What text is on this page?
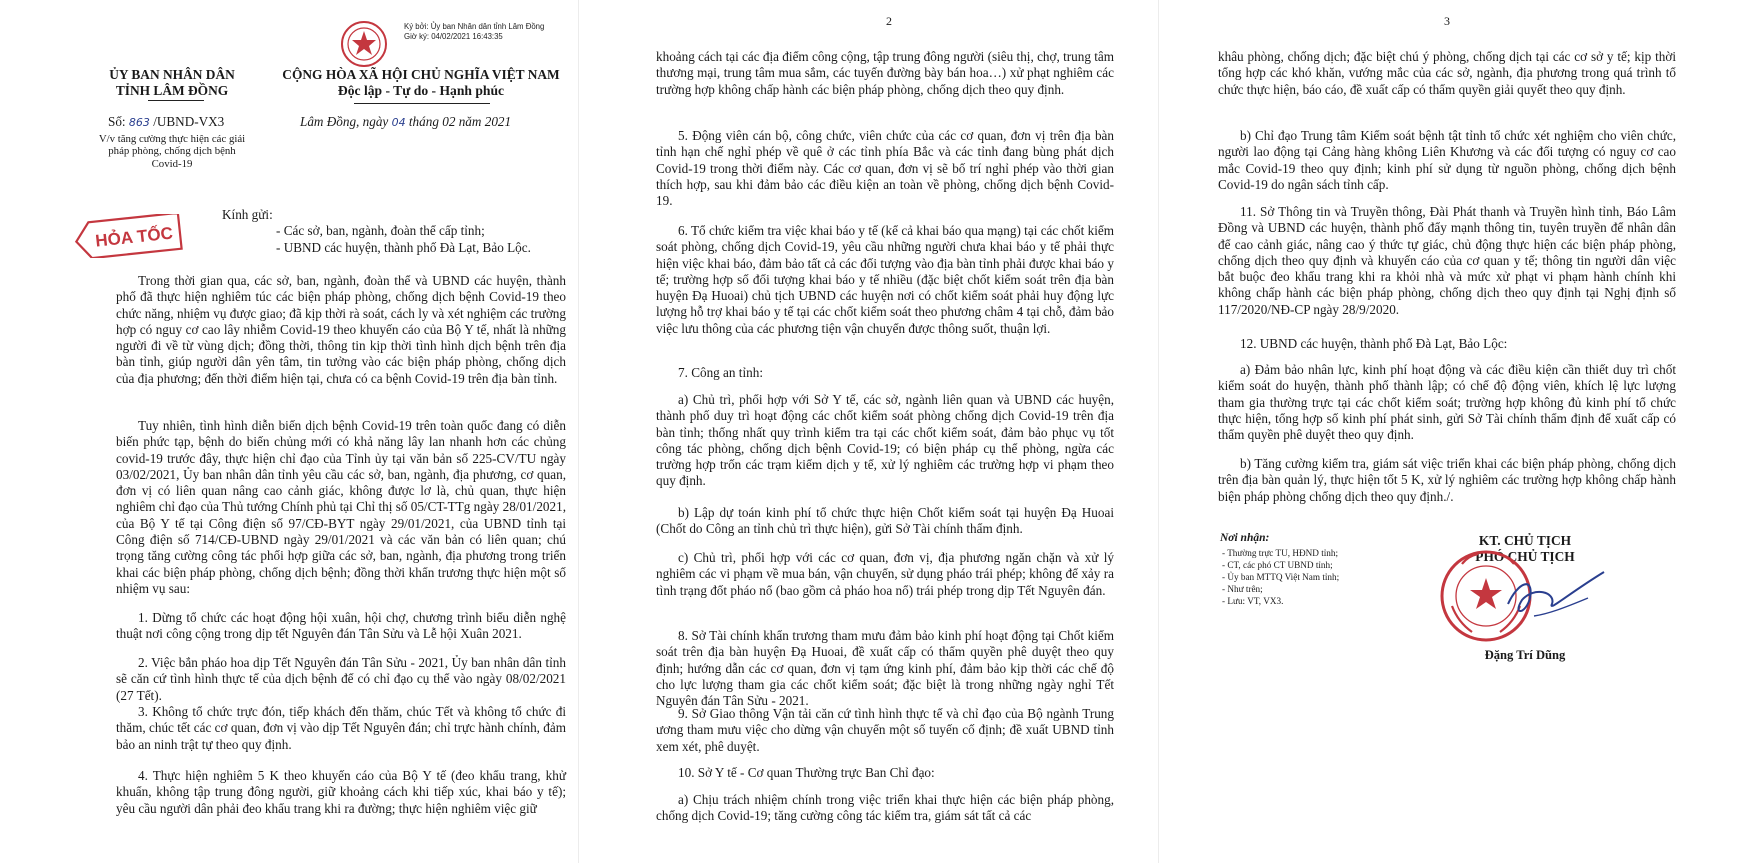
Ký bởi: Ủy ban Nhân dân tỉnh Lâm Đồng
Giờ ký: 04/02/2021 16:43:35
ỦY BAN NHÂN DÂN
TỈNH LÂM ĐỒNG
CỘNG HÒA XÃ HỘI CHỦ NGHĨA VIỆT NAM
Độc lập - Tự do - Hạnh phúc
Số: 863 /UBND-VX3	Lâm Đồng, ngày 04 tháng 02 năm 2021
V/v tăng cường thực hiện các giải pháp phòng, chống dịch bệnh Covid-19
HỎA TỐC
Kính gửi:
- Các sở, ban, ngành, đoàn thể cấp tỉnh;
- UBND các huyện, thành phố Đà Lạt, Bảo Lộc.
Trong thời gian qua, các sở, ban, ngành, đoàn thể và UBND các huyện, thành phố đã thực hiện nghiêm túc các biện pháp phòng, chống dịch bệnh Covid-19 theo chức năng, nhiệm vụ được giao; đã kịp thời rà soát, cách ly và xét nghiệm các trường hợp có nguy cơ cao lây nhiễm Covid-19 theo khuyến cáo của Bộ Y tế, nhất là những người đi về từ vùng dịch; đồng thời, thông tin kịp thời tình hình dịch bệnh trên địa bàn tỉnh, giúp người dân yên tâm, tin tưởng vào các biện pháp phòng, chống dịch của địa phương; đến thời điểm hiện tại, chưa có ca bệnh Covid-19 trên địa bàn tỉnh.
Tuy nhiên, tình hình diễn biến dịch bệnh Covid-19 trên toàn quốc đang có diễn biến phức tạp, bệnh do biến chủng mới có khả năng lây lan nhanh hơn các chủng covid-19 trước đây, thực hiện chỉ đạo của Tỉnh ủy tại văn bản số 225-CV/TU ngày 03/02/2021, Ủy ban nhân dân tỉnh yêu cầu các sở, ban, ngành, địa phương, cơ quan, đơn vị có liên quan nâng cao cảnh giác, không được lơ là, chủ quan, thực hiện nghiêm chỉ đạo của Thủ tướng Chính phủ tại Chỉ thị số 05/CT-TTg ngày 28/01/2021, của Bộ Y tế tại Công điện số 97/CĐ-BYT ngày 29/01/2021, của UBND tỉnh tại Công điện số 714/CĐ-UBND ngày 29/01/2021 và các văn bản có liên quan; chú trọng tăng cường công tác phối hợp giữa các sở, ban, ngành, địa phương trong triển khai các biện pháp phòng, chống dịch bệnh; đồng thời khẩn trương thực hiện một số nhiệm vụ sau:
1. Dừng tổ chức các hoạt động hội xuân, hội chợ, chương trình biểu diễn nghệ thuật nơi công cộng trong dịp tết Nguyên đán Tân Sửu và Lễ hội Xuân 2021.
2. Việc bắn pháo hoa dịp Tết Nguyên đán Tân Sửu - 2021, Ủy ban nhân dân tỉnh sẽ căn cứ tình hình thực tế của dịch bệnh để có chỉ đạo cụ thể vào ngày 08/02/2021 (27 Tết).
3. Không tổ chức trực đón, tiếp khách đến thăm, chúc Tết và không tổ chức đi thăm, chúc tết các cơ quan, đơn vị vào dịp Tết Nguyên đán; chỉ trực hành chính, đảm bảo an ninh trật tự theo quy định.
4. Thực hiện nghiêm 5 K theo khuyến cáo của Bộ Y tế (đeo khẩu trang, khử khuẩn, không tập trung đông người, giữ khoảng cách khi tiếp xúc, khai báo y tế); yêu cầu người dân phải đeo khẩu trang khi ra đường; thực hiện nghiêm việc giữ
2
khoảng cách tại các địa điểm công cộng, tập trung đông người (siêu thị, chợ, trung tâm thương mại, trung tâm mua sắm, các tuyến đường bày bán hoa…) xử phạt nghiêm các trường hợp không chấp hành các biện pháp phòng, chống dịch theo quy định.
5. Động viên cán bộ, công chức, viên chức của các cơ quan, đơn vị trên địa bàn tỉnh hạn chế nghỉ phép về quê ở các tỉnh phía Bắc và các tỉnh đang bùng phát dịch Covid-19 trong thời điểm này. Các cơ quan, đơn vị sẽ bố trí nghỉ phép vào thời gian thích hợp, sau khi đảm bảo các điều kiện an toàn về phòng, chống dịch bệnh Covid-19.
6. Tổ chức kiểm tra việc khai báo y tế (kể cả khai báo qua mạng) tại các chốt kiểm soát phòng, chống dịch Covid-19, yêu cầu những người chưa khai báo y tế phải thực hiện việc khai báo, đảm bảo tất cả các đối tượng vào địa bàn tỉnh phải được khai báo y tế; trường hợp số đối tượng khai báo y tế nhiều (đặc biệt chốt kiểm soát trên địa bàn huyện Đạ Huoai) chủ tịch UBND các huyện nơi có chốt kiểm soát phải huy động lực lượng hỗ trợ khai báo y tế tại các chốt kiểm soát theo phương châm 4 tại chỗ, đảm bảo việc lưu thông của các phương tiện vận chuyển được thông suốt, thuận lợi.
7. Công an tỉnh:
a) Chủ trì, phối hợp với Sở Y tế, các sở, ngành liên quan và UBND các huyện, thành phố duy trì hoạt động các chốt kiểm soát phòng chống dịch Covid-19 trên địa bàn tỉnh; thống nhất quy trình kiểm tra tại các chốt kiểm soát, đảm bảo phục vụ tốt công tác phòng, chống dịch bệnh Covid-19; có biện pháp cụ thể phòng, ngừa các trường hợp trốn các trạm kiểm dịch y tế, xử lý nghiêm các trường hợp vi phạm theo quy định.
b) Lập dự toán kinh phí tổ chức thực hiện Chốt kiểm soát tại huyện Đạ Huoai (Chốt do Công an tỉnh chủ trì thực hiện), gửi Sở Tài chính thẩm định.
c) Chủ trì, phối hợp với các cơ quan, đơn vị, địa phương ngăn chặn và xử lý nghiêm các vi phạm về mua bán, vận chuyển, sử dụng pháo trái phép; không để xảy ra tình trạng đốt pháo nổ (bao gồm cả pháo hoa nổ) trái phép trong dịp Tết Nguyên đán.
8. Sở Tài chính khẩn trương tham mưu đảm bảo kinh phí hoạt động tại Chốt kiểm soát trên địa bàn huyện Đạ Huoai, đề xuất cấp có thẩm quyền phê duyệt theo quy định; hướng dẫn các cơ quan, đơn vị tạm ứng kinh phí, đảm bảo kịp thời các chế độ cho lực lượng tham gia các chốt kiểm soát; đặc biệt là trong những ngày nghỉ Tết Nguyên đán Tân Sửu - 2021.
9. Sở Giao thông Vận tải căn cứ tình hình thực tế và chỉ đạo của Bộ ngành Trung ương tham mưu việc cho dừng vận chuyển một số tuyến cố định; đề xuất UBND tỉnh xem xét, phê duyệt.
10. Sở Y tế - Cơ quan Thường trực Ban Chỉ đạo:
a) Chịu trách nhiệm chính trong việc triển khai thực hiện các biện pháp phòng, chống dịch Covid-19; tăng cường công tác kiểm tra, giám sát tất cả các
3
khâu phòng, chống dịch; đặc biệt chú ý phòng, chống dịch tại các cơ sở y tế; kịp thời tổng hợp các khó khăn, vướng mắc của các sở, ngành, địa phương trong quá trình tổ chức thực hiện, báo cáo, đề xuất cấp có thẩm quyền giải quyết theo quy định.
b) Chỉ đạo Trung tâm Kiểm soát bệnh tật tỉnh tổ chức xét nghiệm cho viên chức, người lao động tại Cảng hàng không Liên Khương và các đối tượng có nguy cơ cao mắc Covid-19 theo quy định; kinh phí sử dụng từ nguồn phòng, chống dịch bệnh Covid-19 do ngân sách tỉnh cấp.
11. Sở Thông tin và Truyền thông, Đài Phát thanh và Truyền hình tỉnh, Báo Lâm Đồng và UBND các huyện, thành phố đẩy mạnh thông tin, tuyên truyền để nhân dân để cao cảnh giác, nâng cao ý thức tự giác, chủ động thực hiện các biện pháp phòng, chống dịch theo quy định và khuyến cáo của cơ quan y tế; thông tin người dân việc bắt buộc đeo khẩu trang khi ra khỏi nhà và mức xử phạt vi phạm hành chính khi không chấp hành các biện pháp phòng, chống dịch theo quy định tại Nghị định số 117/2020/NĐ-CP ngày 28/9/2020.
12. UBND các huyện, thành phố Đà Lạt, Bảo Lộc:
a) Đảm bảo nhân lực, kinh phí hoạt động và các điều kiện cần thiết duy trì chốt kiểm soát do huyện, thành phố thành lập; có chế độ động viên, khích lệ lực lượng tham gia thường trực tại các chốt kiểm soát; trường hợp không đủ kinh phí tổ chức thực hiện, tổng hợp số kinh phí phát sinh, gửi Sở Tài chính thẩm định để xuất cấp có thẩm quyền phê duyệt theo quy định.
b) Tăng cường kiểm tra, giám sát việc triển khai các biện pháp phòng, chống dịch trên địa bàn quản lý, thực hiện tốt 5 K, xử lý nghiêm các trường hợp không chấp hành biện pháp phòng chống dịch theo quy định./.
Nơi nhận:
- Thường trực TU, HĐND tỉnh;
- CT, các phó CT UBND tỉnh;
- Ủy ban MTTQ Việt Nam tỉnh;
- Như trên;
- Lưu: VT, VX3.
KT. CHỦ TỊCH
PHÓ CHỦ TỊCH
Đặng Trí Dũng
